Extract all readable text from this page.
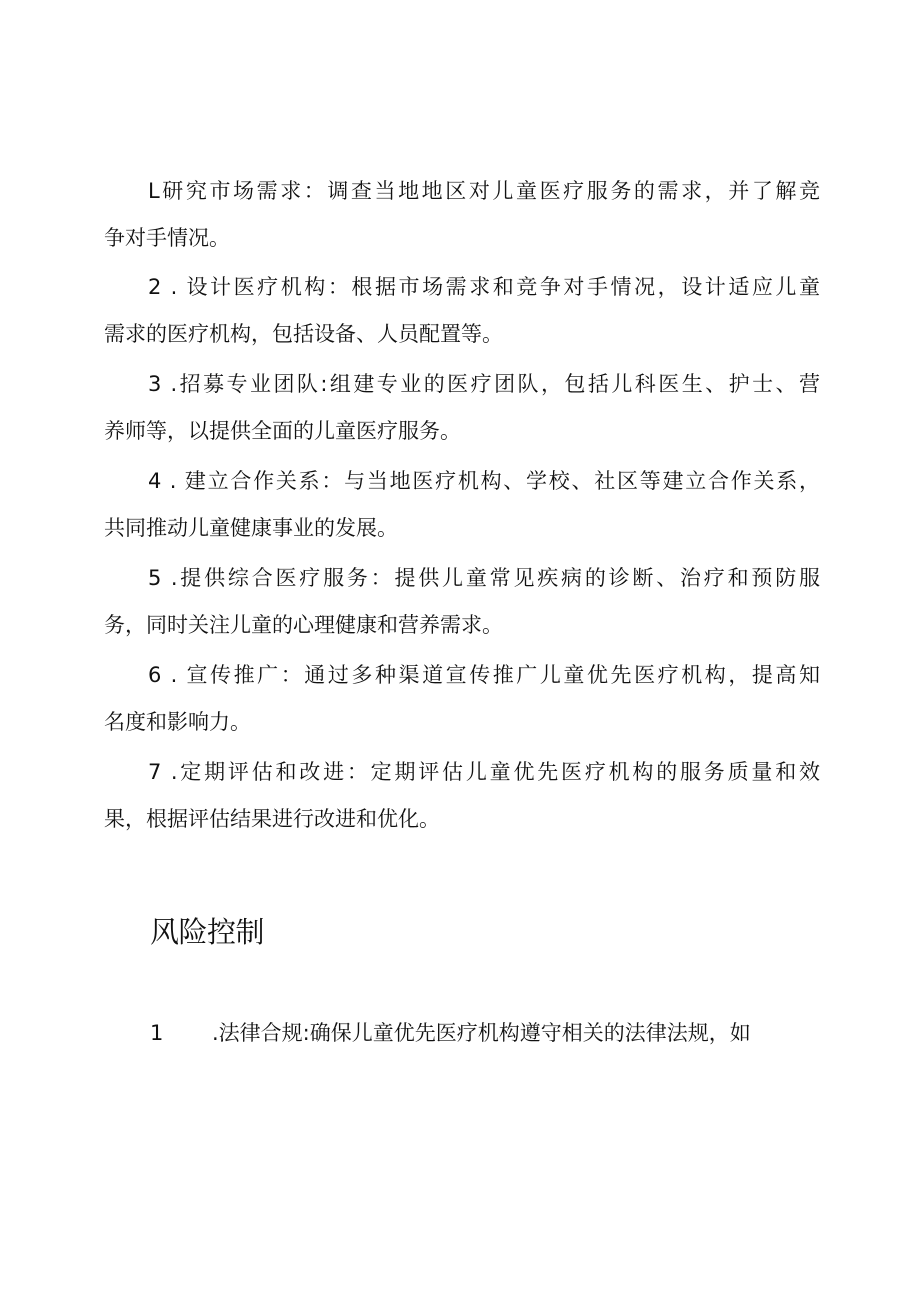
L研究市场需求：调查当地地区对儿童医疗服务的需求，并了解竞
争对手情况。

2 . 设计医疗机构：根据市场需求和竞争对手情况，设计适应儿童
需求的医疗机构，包括设备、人员配置等。

3 .招募专业团队:组建专业的医疗团队，包括儿科医生、护士、营
养师等，以提供全面的儿童医疗服务。

4 . 建立合作关系：与当地医疗机构、学校、社区等建立合作关系，
共同推动儿童健康事业的发展。

5 .提供综合医疗服务：提供儿童常见疾病的诊断、治疗和预防服
务，同时关注儿童的心理健康和营养需求。

6 . 宣传推广：通过多种渠道宣传推广儿童优先医疗机构，提高知
名度和影响力。

7 .定期评估和改进：定期评估儿童优先医疗机构的服务质量和效
果，根据评估结果进行改进和优化。

风险控制

1 .法律合规:确保儿童优先医疗机构遵守相关的法律法规，如
